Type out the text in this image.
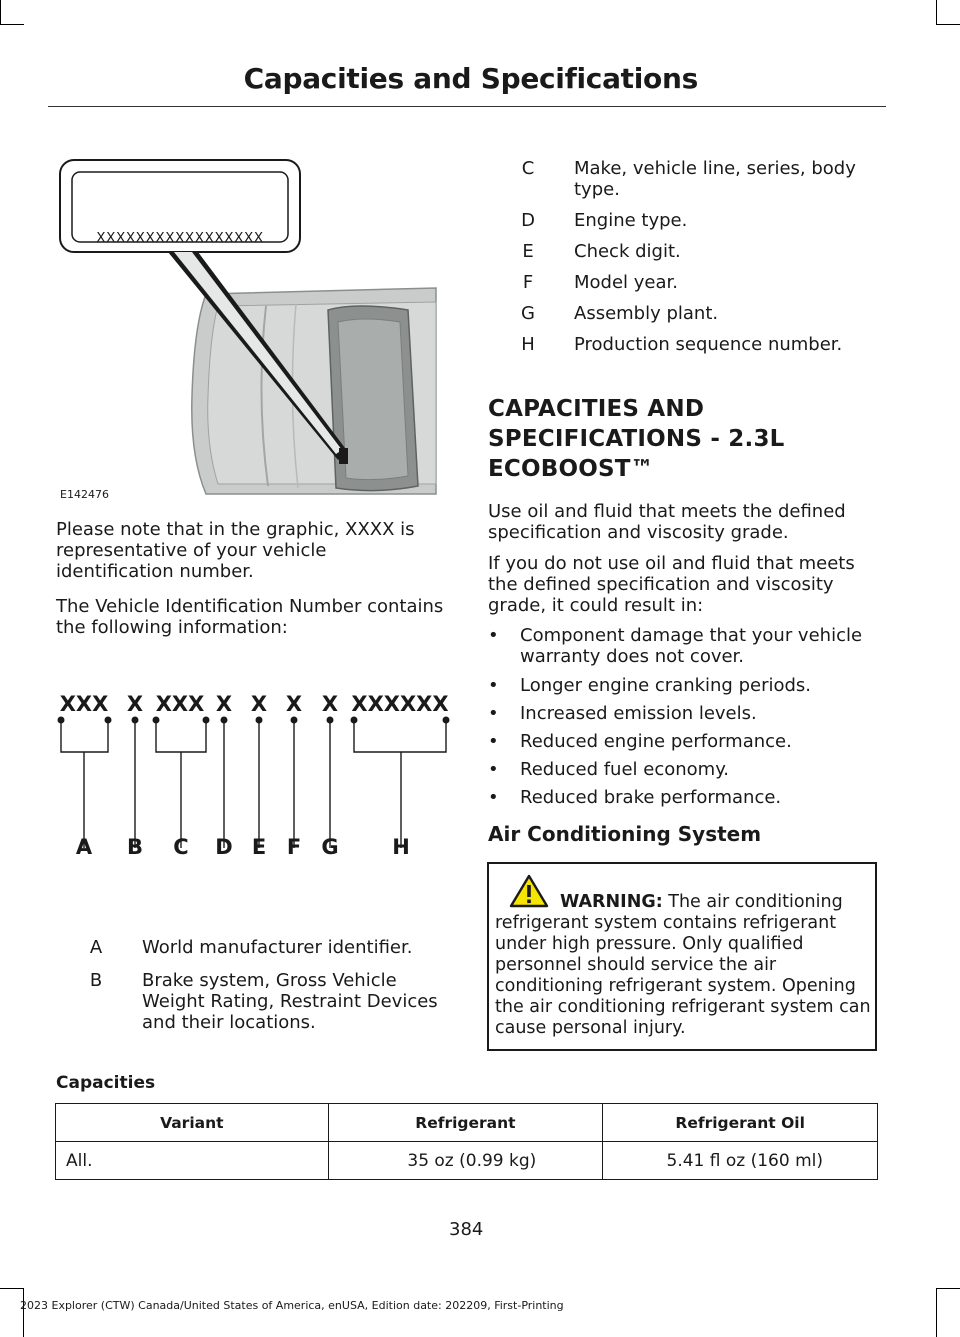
Capacities and Specifications
XXXXXXXXXXXXXXXXX
E142476
Please note that in the graphic, XXXX is representative of your vehicle identification number.
The Vehicle Identification Number contains the following information:
XXX X XXX X X X X XXXXXX
A B C D E F G	H
A World manufacturer identifier.
B Brake system, Gross Vehicle Weight Rating, Restraint Devices and their locations.
C Make, vehicle line, series, body type.
D Engine type.
E Check digit.
F Model year.
G Assembly plant.
H Production sequence number.
CAPACITIES AND
SPECIFICATIONS - 2.3L
ECOBOOST™
Use oil and fluid that meets the defined specification and viscosity grade.
If you do not use oil and fluid that meets the defined specification and viscosity grade, it could result in:
• Component damage that your vehicle warranty does not cover.
• Longer engine cranking periods.
• Increased emission levels.
• Reduced engine performance.
• Reduced fuel economy.
• Reduced brake performance.
Air Conditioning System
WARNING: The air conditioning refrigerant system contains refrigerant under high pressure. Only qualified personnel should service the air conditioning refrigerant system. Opening the air conditioning refrigerant system can cause personal injury.
Capacities
Variant	Refrigerant	Refrigerant Oil
All.	35 oz (0.99 kg)	5.41 fl oz (160 ml)
384
2023 Explorer (CTW) Canada/United States of America, enUSA, Edition date: 202209, First-Printing
